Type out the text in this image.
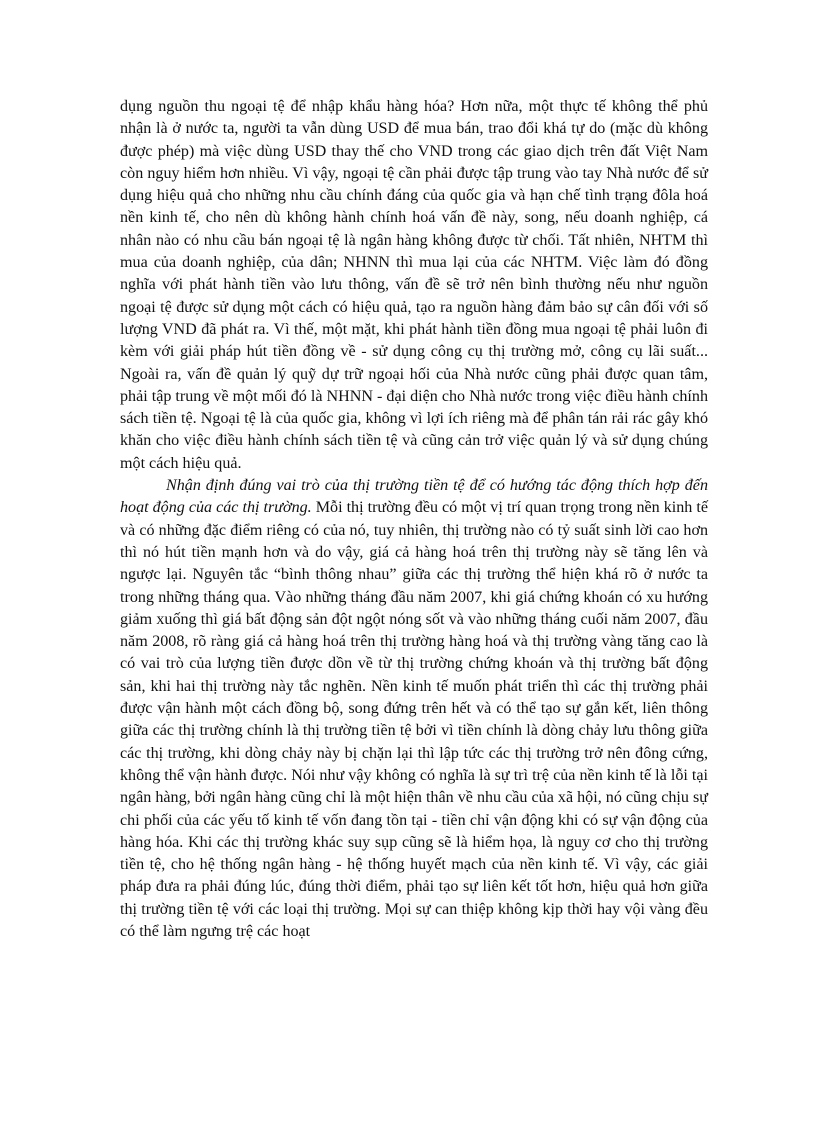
dụng nguồn thu ngoại tệ để nhập khẩu hàng hóa? Hơn nữa, một thực tế không thể phủ nhận là ở nước ta, người ta vẫn dùng USD để mua bán, trao đổi khá tự do (mặc dù không được phép) mà việc dùng USD thay thế cho VND trong các giao dịch trên đất Việt Nam còn nguy hiểm hơn nhiều. Vì vậy, ngoại tệ cần phải được tập trung vào tay Nhà nước để sử dụng hiệu quả cho những nhu cầu chính đáng của quốc gia và hạn chế tình trạng đôla hoá nền kinh tế, cho nên dù không hành chính hoá vấn đề này, song, nếu doanh nghiệp, cá nhân nào có nhu cầu bán ngoại tệ là ngân hàng không được từ chối. Tất nhiên, NHTM thì mua của doanh nghiệp, của dân; NHNN thì mua lại của các NHTM. Việc làm đó đồng nghĩa với phát hành tiền vào lưu thông, vấn đề sẽ trở nên bình thường nếu như nguồn ngoại tệ được sử dụng một cách có hiệu quả, tạo ra nguồn hàng đảm bảo sự cân đối với số lượng VND đã phát ra. Vì thế, một mặt, khi phát hành tiền đồng mua ngoại tệ phải luôn đi kèm với giải pháp hút tiền đồng về - sử dụng công cụ thị trường mở, công cụ lãi suất... Ngoài ra, vấn đề quản lý quỹ dự trữ ngoại hối của Nhà nước cũng phải được quan tâm, phải tập trung về một mối đó là NHNN - đại diện cho Nhà nước trong việc điều hành chính sách tiền tệ. Ngoại tệ là của quốc gia, không vì lợi ích riêng mà để phân tán rải rác gây khó khăn cho việc điều hành chính sách tiền tệ và cũng cản trở việc quản lý và sử dụng chúng một cách hiệu quả.

Nhận định đúng vai trò của thị trường tiền tệ để có hướng tác động thích hợp đến hoạt động của các thị trường. Mỗi thị trường đều có một vị trí quan trọng trong nền kinh tế và có những đặc điểm riêng có của nó, tuy nhiên, thị trường nào có tỷ suất sinh lời cao hơn thì nó hút tiền mạnh hơn và do vậy, giá cả hàng hoá trên thị trường này sẽ tăng lên và ngược lại. Nguyên tắc “bình thông nhau” giữa các thị trường thể hiện khá rõ ở nước ta trong những tháng qua. Vào những tháng đầu năm 2007, khi giá chứng khoán có xu hướng giảm xuống thì giá bất động sản đột ngột nóng sốt và vào những tháng cuối năm 2007, đầu năm 2008, rõ ràng giá cả hàng hoá trên thị trường hàng hoá và thị trường vàng tăng cao là có vai trò của lượng tiền được dồn về từ thị trường chứng khoán và thị trường bất động sản, khi hai thị trường này tắc nghẽn. Nền kinh tế muốn phát triển thì các thị trường phải được vận hành một cách đồng bộ, song đứng trên hết và có thể tạo sự gắn kết, liên thông giữa các thị trường chính là thị trường tiền tệ bởi vì tiền chính là dòng chảy lưu thông giữa các thị trường, khi dòng chảy này bị chặn lại thì lập tức các thị trường trở nên đông cứng, không thể vận hành được. Nói như vậy không có nghĩa là sự trì trệ của nền kinh tế là lỗi tại ngân hàng, bởi ngân hàng cũng chỉ là một hiện thân về nhu cầu của xã hội, nó cũng chịu sự chi phối của các yếu tố kinh tế vốn đang tồn tại - tiền chỉ vận động khi có sự vận động của hàng hóa. Khi các thị trường khác suy sụp cũng sẽ là hiểm họa, là nguy cơ cho thị trường tiền tệ, cho hệ thống ngân hàng - hệ thống huyết mạch của nền kinh tế. Vì vậy, các giải pháp đưa ra phải đúng lúc, đúng thời điểm, phải tạo sự liên kết tốt hơn, hiệu quả hơn giữa thị trường tiền tệ với các loại thị trường. Mọi sự can thiệp không kịp thời hay vội vàng đều có thể làm ngưng trệ các hoạt
